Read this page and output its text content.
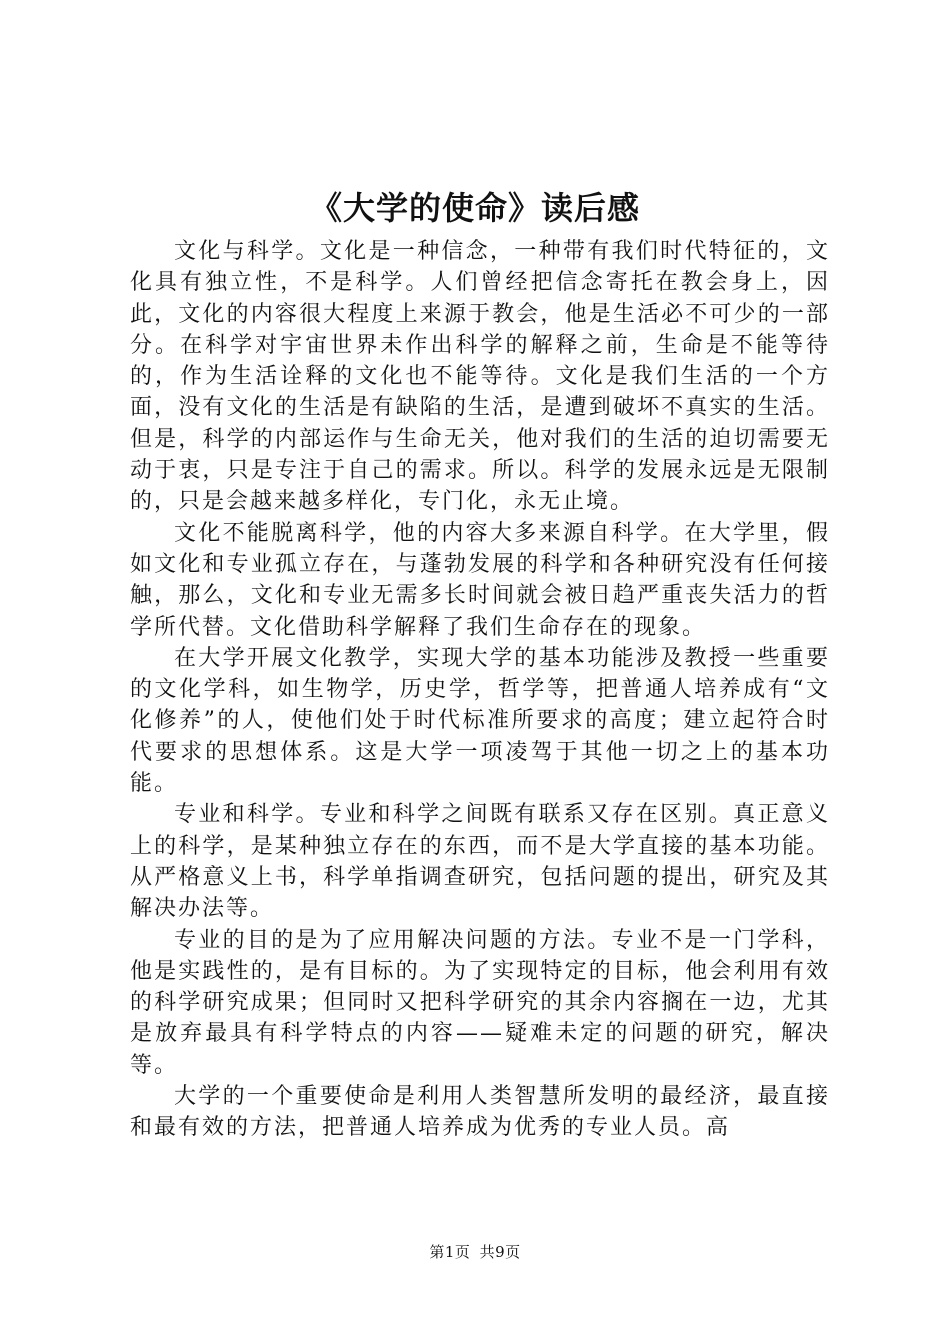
《大学的使命》读后感

文化与科学。文化是一种信念，一种带有我们时代特征的，文化具有独立性，不是科学。人们曾经把信念寄托在教会身上，因此，文化的内容很大程度上来源于教会，他是生活必不可少的一部分。在科学对宇宙世界未作出科学的解释之前，生命是不能等待的，作为生活诠释的文化也不能等待。文化是我们生活的一个方面，没有文化的生活是有缺陷的生活，是遭到破坏不真实的生活。但是，科学的内部运作与生命无关，他对我们的生活的迫切需要无动于衷，只是专注于自己的需求。所以。科学的发展永远是无限制的，只是会越来越多样化，专门化，永无止境。

文化不能脱离科学，他的内容大多来源自科学。在大学里，假如文化和专业孤立存在，与蓬勃发展的科学和各种研究没有任何接触，那么，文化和专业无需多长时间就会被日趋严重丧失活力的哲学所代替。文化借助科学解释了我们生命存在的现象。

在大学开展文化教学，实现大学的基本功能涉及教授一些重要的文化学科，如生物学，历史学，哲学等，把普通人培养成有“文化修养”的人，使他们处于时代标准所要求的高度；建立起符合时代要求的思想体系。这是大学一项凌驾于其他一切之上的基本功能。

专业和科学。专业和科学之间既有联系又存在区别。真正意义上的科学，是某种独立存在的东西，而不是大学直接的基本功能。从严格意义上书，科学单指调查研究，包括问题的提出，研究及其解决办法等。

专业的目的是为了应用解决问题的方法。专业不是一门学科，他是实践性的，是有目标的。为了实现特定的目标，他会利用有效的科学研究成果；但同时又把科学研究的其余内容搁在一边，尤其是放弃最具有科学特点的内容——疑难未定的问题的研究，解决等。

大学的一个重要使命是利用人类智慧所发明的最经济，最直接和最有效的方法，把普通人培养成为优秀的专业人员。高

第1页 共9页
